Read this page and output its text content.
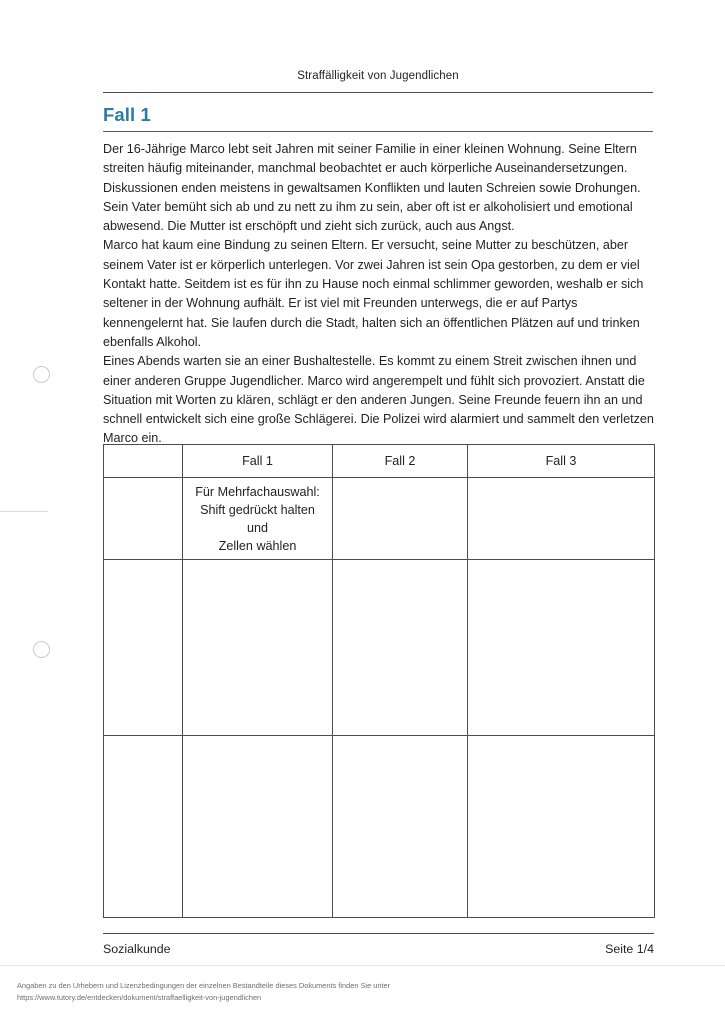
Straffälligkeit von Jugendlichen
Fall 1

Der 16-Jährige Marco lebt seit Jahren mit seiner Familie in einer kleinen Wohnung. Seine Eltern streiten häufig miteinander, manchmal beobachtet er auch körperliche Auseinandersetzungen. Diskussionen enden meistens in gewaltsamen Konflikten und lauten Schreien sowie Drohungen. Sein Vater bemüht sich ab und zu nett zu ihm zu sein, aber oft ist er alkoholisiert und emotional abwesend. Die Mutter ist erschöpft und zieht sich zurück, auch aus Angst.

Marco hat kaum eine Bindung zu seinen Eltern. Er versucht, seine Mutter zu beschützen, aber seinem Vater ist er körperlich unterlegen. Vor zwei Jahren ist sein Opa gestorben, zu dem er viel Kontakt hatte. Seitdem ist es für ihn zu Hause noch einmal schlimmer geworden, weshalb er sich seltener in der Wohnung aufhält. Er ist viel mit Freunden unterwegs, die er auf Partys kennengelernt hat. Sie laufen durch die Stadt, halten sich an öffentlichen Plätzen auf und trinken ebenfalls Alkohol.

Eines Abends warten sie an einer Bushaltestelle. Es kommt zu einem Streit zwischen ihnen und einer anderen Gruppe Jugendlicher. Marco wird angerempelt und fühlt sich provoziert. Anstatt die Situation mit Worten zu klären, schlägt er den anderen Jungen. Seine Freunde feuern ihn an und schnell entwickelt sich eine große Schlägerei. Die Polizei wird alarmiert und sammelt den verletzen Marco ein.

	Fall 1	Fall 2	Fall 3

	Für Mehrfachauswahl:
Shift gedrückt halten und
Zellen wählen		

Sozialkunde	Seite 1/4
Angaben zu den Urhebern und Lizenzbedingungen der einzelnen Bestandteile dieses Dokuments finden Sie unter
https://www.tutory.de/entdecken/dokument/straffaelligkeit-von-jugendlichen
